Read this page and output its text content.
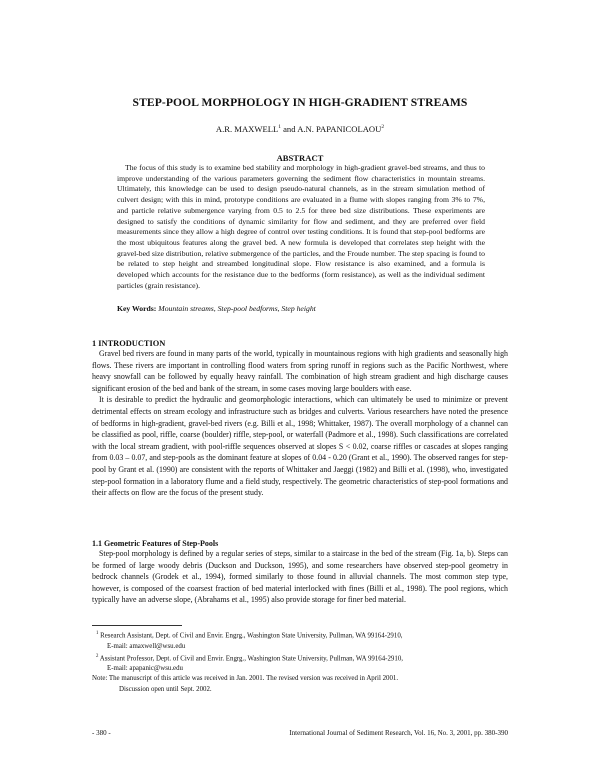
STEP-POOL MORPHOLOGY IN HIGH-GRADIENT STREAMS
A.R. MAXWELL$^1$ and A.N. PAPANICOLAOU$^2$
ABSTRACT

The focus of this study is to examine bed stability and morphology in high-gradient gravel-bed streams, and thus to improve understanding of the various parameters governing the sediment flow characteristics in mountain streams. Ultimately, this knowledge can be used to design pseudo-natural channels, as in the stream simulation method of culvert design; with this in mind, prototype conditions are evaluated in a flume with slopes ranging from 3% to 7%, and particle relative submergence varying from 0.5 to 2.5 for three bed size distributions. These experiments are designed to satisfy the conditions of dynamic similarity for flow and sediment, and they are preferred over field measurements since they allow a high degree of control over testing conditions. It is found that step-pool bedforms are the most ubiquitous features along the gravel bed. A new formula is developed that correlates step height with the gravel-bed size distribution, relative submergence of the particles, and the Froude number. The step spacing is found to be related to step height and streambed longitudinal slope. Flow resistance is also examined, and a formula is developed which accounts for the resistance due to the bedforms (form resistance), as well as the individual sediment particles (grain resistance).

Key Words: Mountain streams, Step-pool bedforms, Step height
1 INTRODUCTION

Gravel bed rivers are found in many parts of the world, typically in mountainous regions with high gradients and seasonally high flows. These rivers are important in controlling flood waters from spring runoff in regions such as the Pacific Northwest, where heavy snowfall can be followed by equally heavy rainfall. The combination of high stream gradient and high discharge causes significant erosion of the bed and bank of the stream, in some cases moving large boulders with ease.

It is desirable to predict the hydraulic and geomorphologic interactions, which can ultimately be used to minimize or prevent detrimental effects on stream ecology and infrastructure such as bridges and culverts. Various researchers have noted the presence of bedforms in high-gradient, gravel-bed rivers (e.g. Billi et al., 1998; Whittaker, 1987). The overall morphology of a channel can be classified as pool, riffle, coarse (boulder) riffle, step-pool, or waterfall (Padmore et al., 1998). Such classifications are correlated with the local stream gradient, with pool-riffle sequences observed at slopes S < 0.02, coarse riffles or cascades at slopes ranging from 0.03 – 0.07, and step-pools as the dominant feature at slopes of 0.04 - 0.20 (Grant et al., 1990). The observed ranges for step-pool by Grant et al. (1990) are consistent with the reports of Whittaker and Jaeggi (1982) and Billi et al. (1998), who, investigated step-pool formation in a laboratory flume and a field study, respectively. The geometric characteristics of step-pool formations and their affects on flow are the focus of the present study.

1.1 Geometric Features of Step-Pools

Step-pool morphology is defined by a regular series of steps, similar to a staircase in the bed of the stream (Fig. 1a, b). Steps can be formed of large woody debris (Duckson and Duckson, 1995), and some researchers have observed step-pool geometry in bedrock channels (Grodek et al., 1994), formed similarly to those found in alluvial channels. The most common step type, however, is composed of the coarsest fraction of bed material interlocked with fines (Billi et al., 1998). The pool regions, which typically have an adverse slope, (Abrahams et al., 1995) also provide storage for finer bed material.

$^1$ Research Assistant, Dept. of Civil and Envir. Engrg., Washington State University, Pullman, WA 99164-2910,
E-mail: amaxwell@wsu.edu
$^2$ Assistant Professor, Dept. of Civil and Envir. Engrg., Washington State University, Pullman, WA 99164-2910,
E-mail: apapanic@wsu.edu
Note: The manuscript of this article was received in Jan. 2001. The revised version was received in April 2001.
Discussion open until Sept. 2002.
- 380 -	International Journal of Sediment Research, Vol. 16, No. 3, 2001, pp. 380-390
